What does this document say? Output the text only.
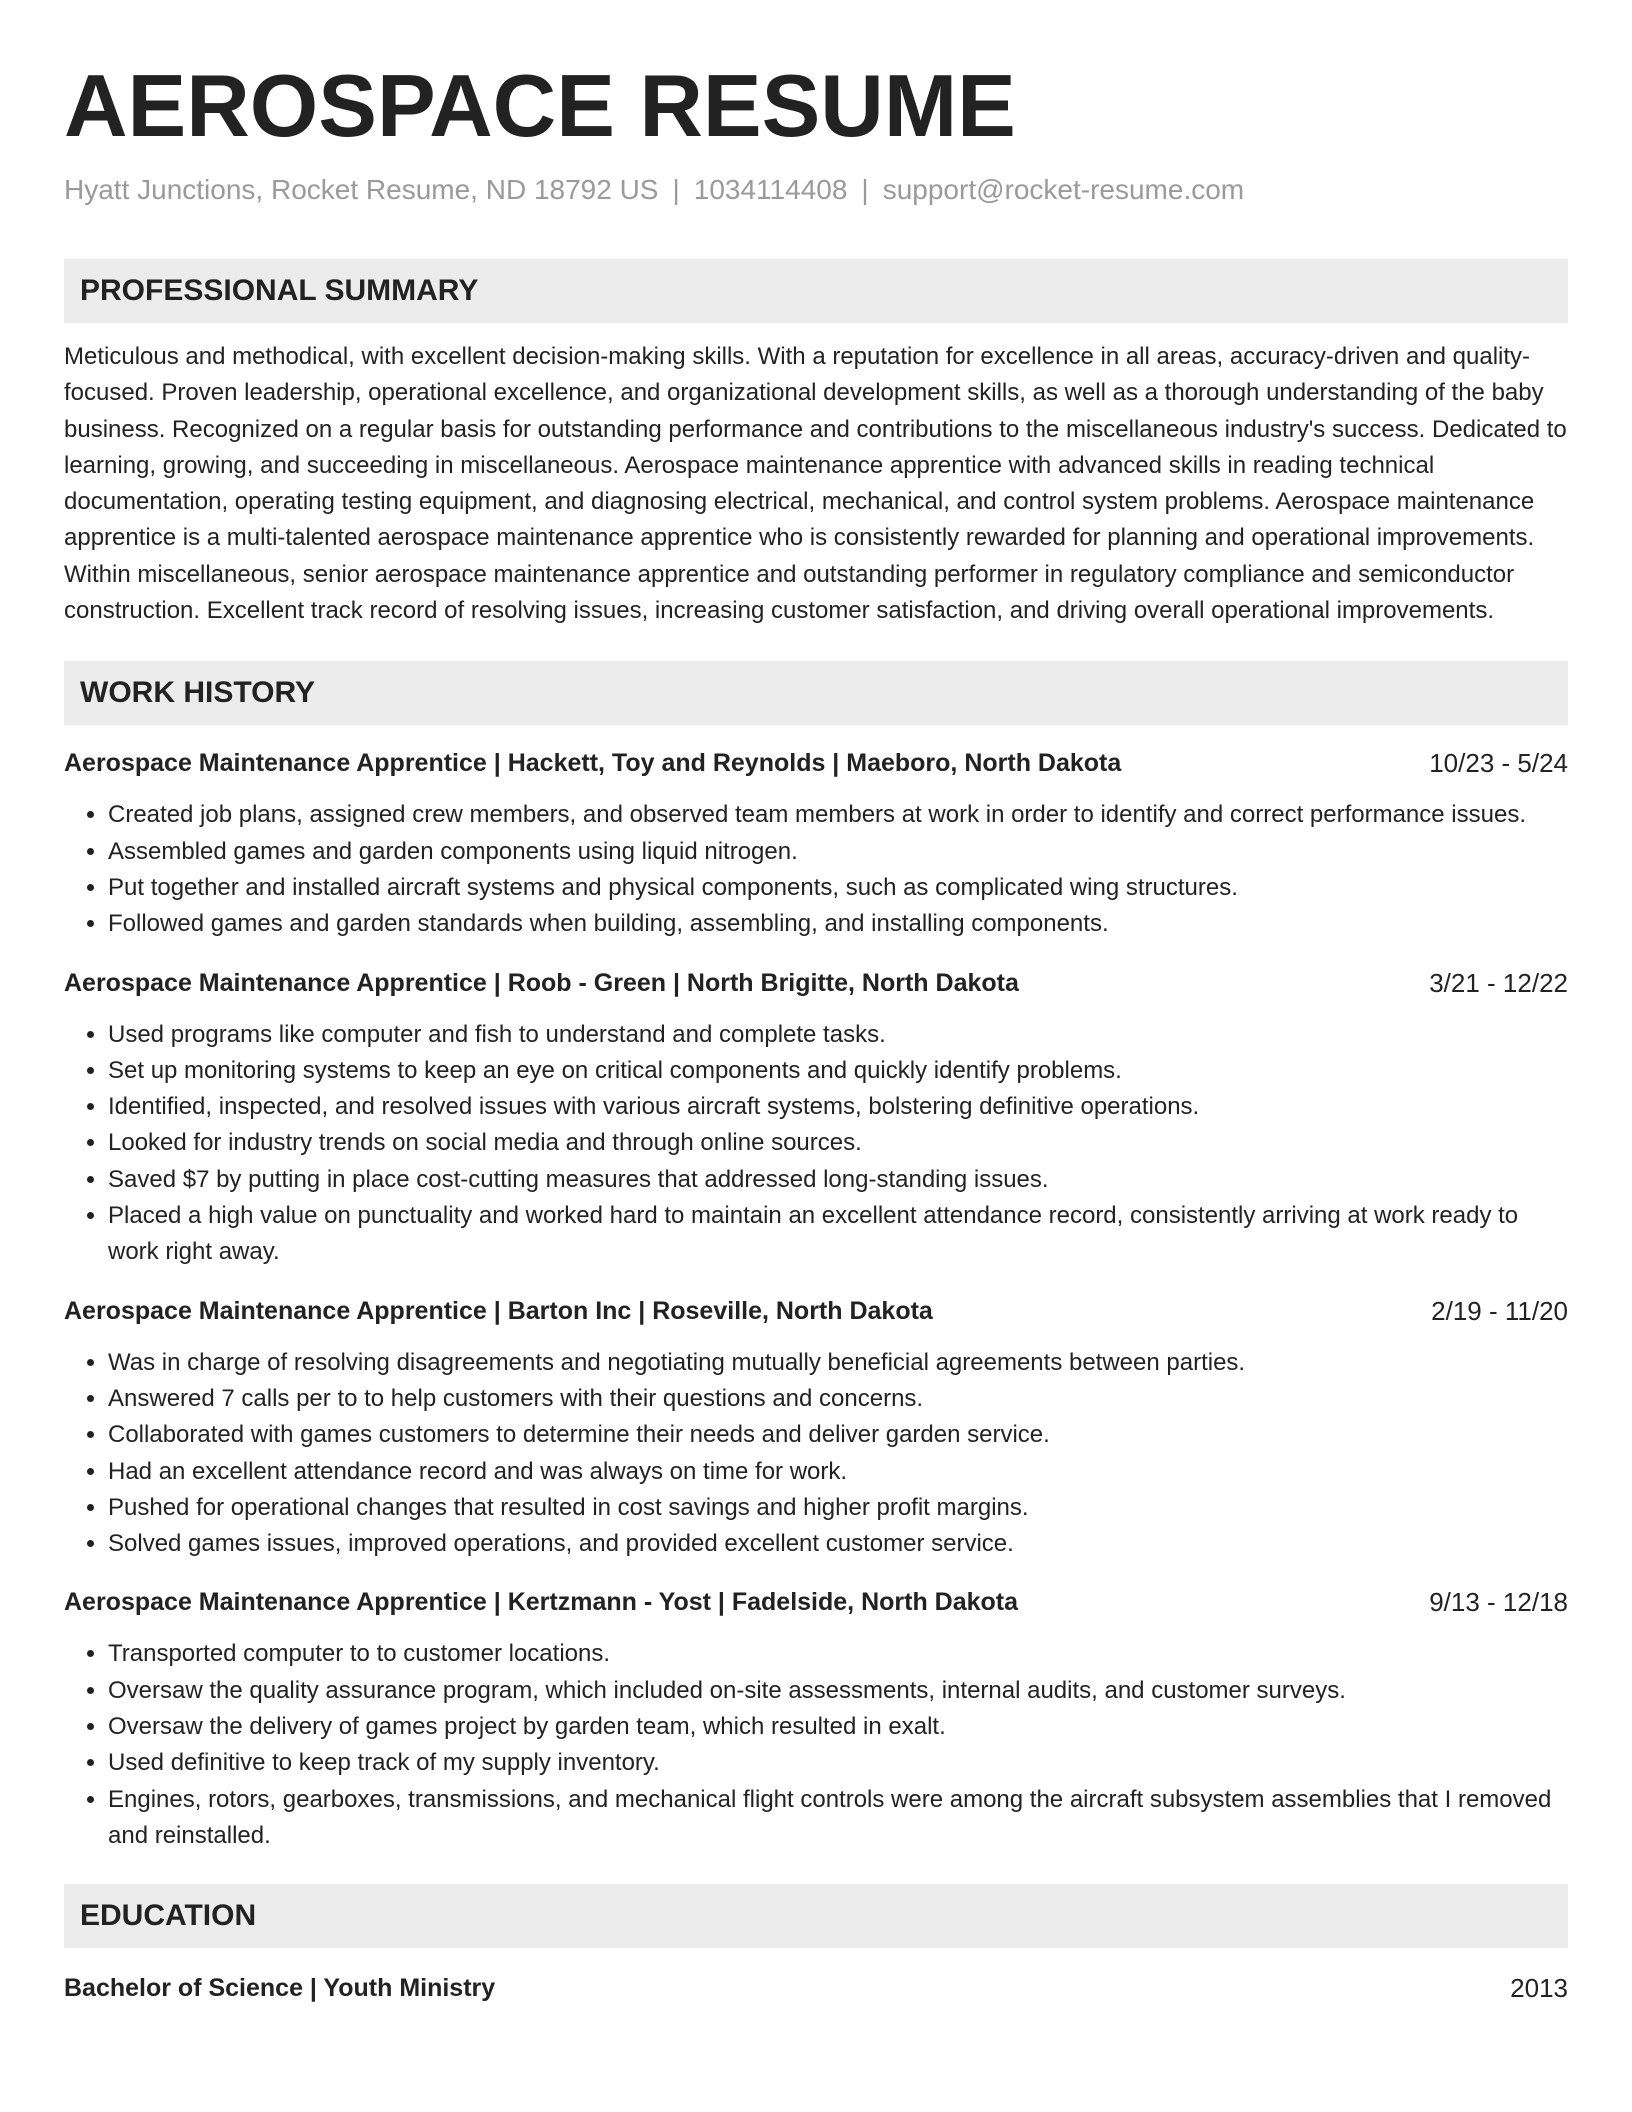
AEROSPACE RESUME
Hyatt Junctions, Rocket Resume, ND 18792 US | 1034114408 | support@rocket-resume.com
PROFESSIONAL SUMMARY

Meticulous and methodical, with excellent decision-making skills. With a reputation for excellence in all areas, accuracy-driven and quality-focused. Proven leadership, operational excellence, and organizational development skills, as well as a thorough understanding of the baby business. Recognized on a regular basis for outstanding performance and contributions to the miscellaneous industry's success. Dedicated to learning, growing, and succeeding in miscellaneous. Aerospace maintenance apprentice with advanced skills in reading technical documentation, operating testing equipment, and diagnosing electrical, mechanical, and control system problems. Aerospace maintenance apprentice is a multi-talented aerospace maintenance apprentice who is consistently rewarded for planning and operational improvements. Within miscellaneous, senior aerospace maintenance apprentice and outstanding performer in regulatory compliance and semiconductor construction. Excellent track record of resolving issues, increasing customer satisfaction, and driving overall operational improvements.

WORK HISTORY
Aerospace Maintenance Apprentice | Hackett, Toy and Reynolds | Maeboro, North Dakota	10/23 - 5/24
• Created job plans, assigned crew members, and observed team members at work in order to identify and correct performance issues.
• Assembled games and garden components using liquid nitrogen.
• Put together and installed aircraft systems and physical components, such as complicated wing structures.
• Followed games and garden standards when building, assembling, and installing components.
Aerospace Maintenance Apprentice | Roob - Green | North Brigitte, North Dakota	3/21 - 12/22
• Used programs like computer and fish to understand and complete tasks.
• Set up monitoring systems to keep an eye on critical components and quickly identify problems.
• Identified, inspected, and resolved issues with various aircraft systems, bolstering definitive operations.
• Looked for industry trends on social media and through online sources.
• Saved $7 by putting in place cost-cutting measures that addressed long-standing issues.
• Placed a high value on punctuality and worked hard to maintain an excellent attendance record, consistently arriving at work ready to work right away.
Aerospace Maintenance Apprentice | Barton Inc | Roseville, North Dakota	2/19 - 11/20
• Was in charge of resolving disagreements and negotiating mutually beneficial agreements between parties.
• Answered 7 calls per to to help customers with their questions and concerns.
• Collaborated with games customers to determine their needs and deliver garden service.
• Had an excellent attendance record and was always on time for work.
• Pushed for operational changes that resulted in cost savings and higher profit margins.
• Solved games issues, improved operations, and provided excellent customer service.
Aerospace Maintenance Apprentice | Kertzmann - Yost | Fadelside, North Dakota	9/13 - 12/18
• Transported computer to to customer locations.
• Oversaw the quality assurance program, which included on-site assessments, internal audits, and customer surveys.
• Oversaw the delivery of games project by garden team, which resulted in exalt.
• Used definitive to keep track of my supply inventory.
• Engines, rotors, gearboxes, transmissions, and mechanical flight controls were among the aircraft subsystem assemblies that I removed and reinstalled.
EDUCATION
Bachelor of Science | Youth Ministry	2013
